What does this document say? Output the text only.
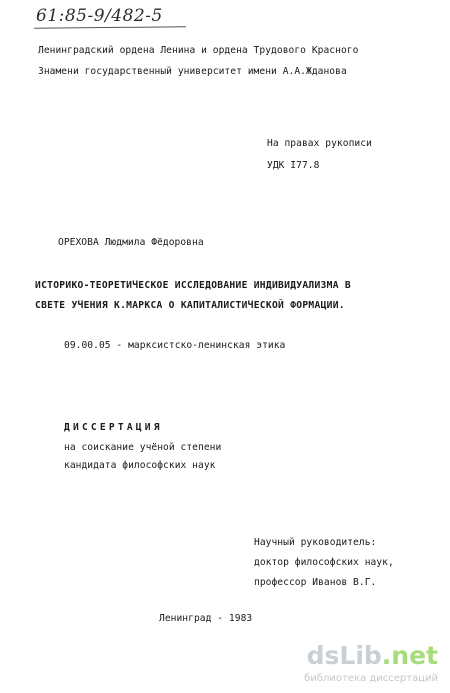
61:85-9/482-5
Ленинградский ордена Ленина и ордена Трудового Красного
Знамени государственный университет имени А.А.Жданова
На правах рукописи
УДК I77.8
ОРЕХОВА Людмила Фёдоровна
ИСТОРИКО-ТЕОРЕТИЧЕСКОЕ ИССЛЕДОВАНИЕ ИНДИВИДУАЛИЗМА В
СВЕТЕ УЧЕНИЯ К.МАРКСА О КАПИТАЛИСТИЧЕСКОЙ ФОРМАЦИИ.
09.00.05 - марксистско-ленинская этика
ДИССЕРТАЦИЯ
на соискание учёной степени
кандидата философских наук
Научный руководитель:
доктор философских наук,
профессор Иванов В.Г.
Ленинград - 1983
dsLib.net
библиотека диссертаций
